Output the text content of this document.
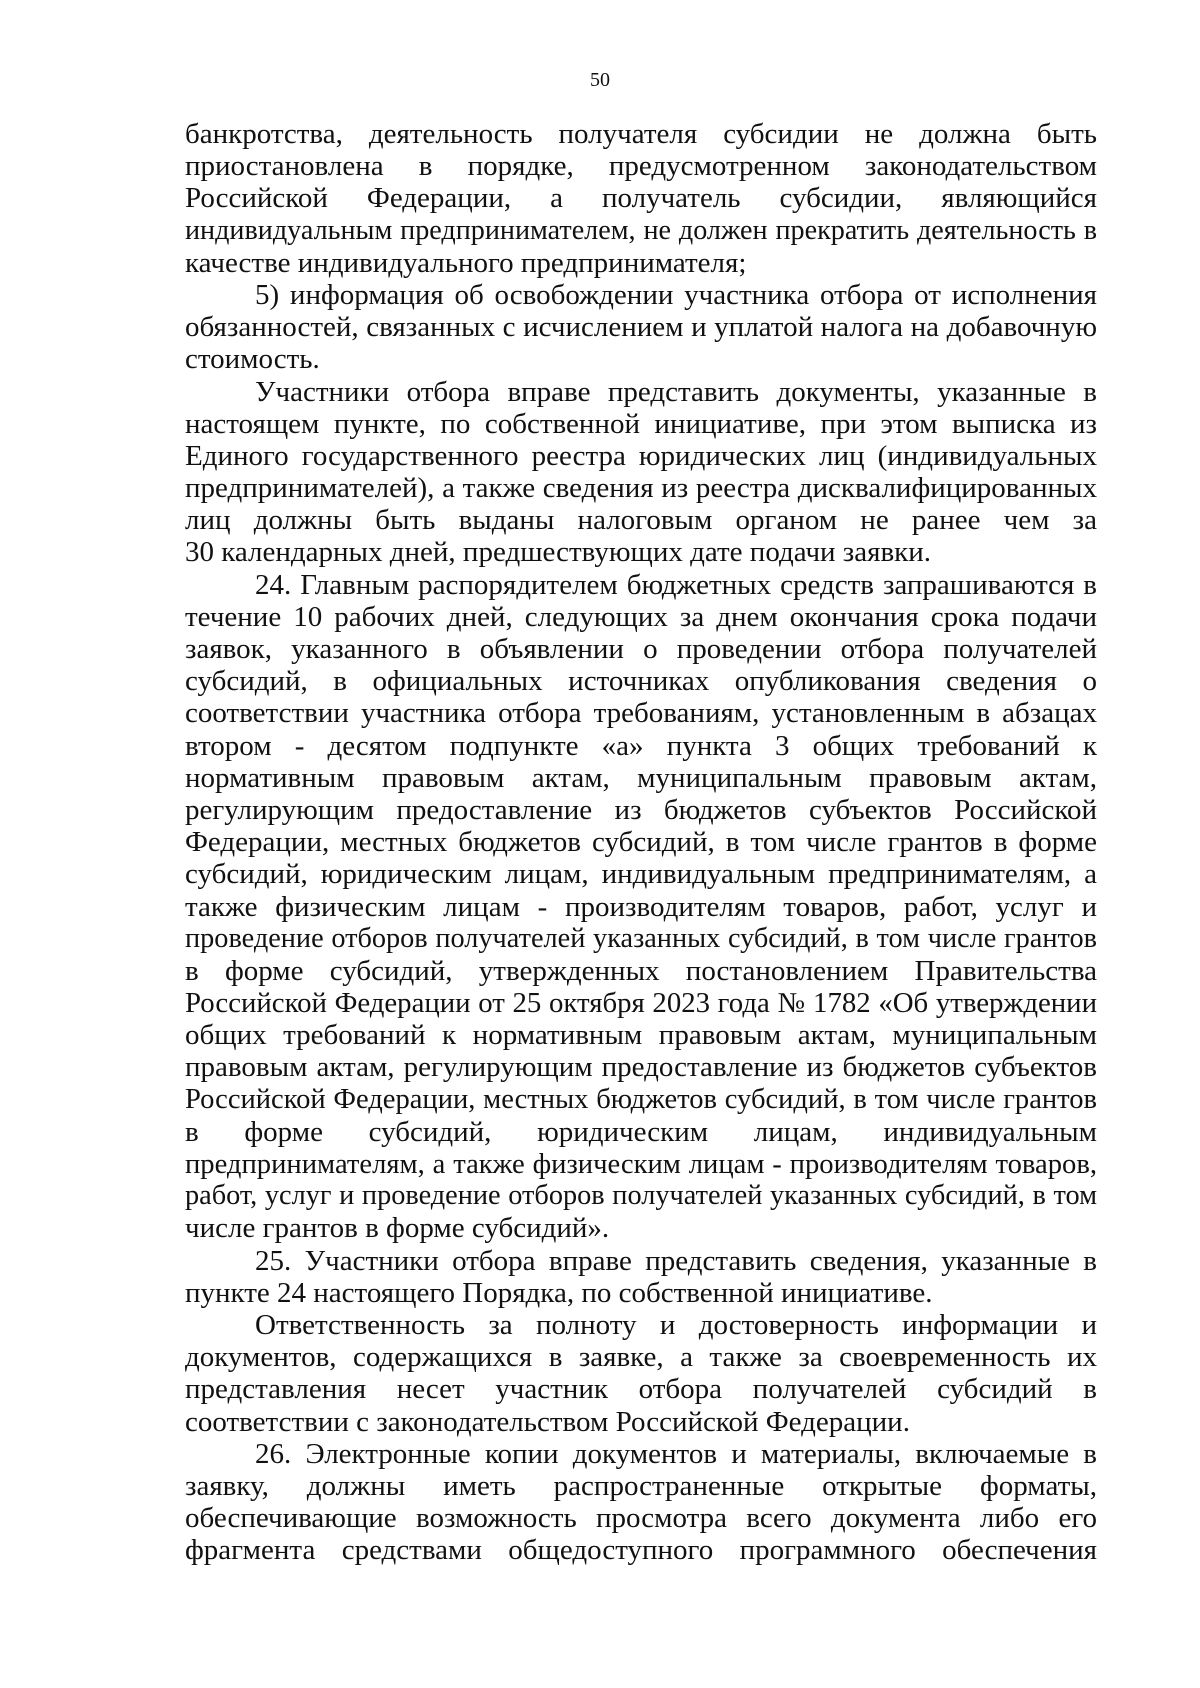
50
банкротства, деятельность получателя субсидии не должна быть
приостановлена в порядке, предусмотренном законодательством
Российской Федерации, а получатель субсидии, являющийся
индивидуальным предпринимателем, не должен прекратить деятельность в
качестве индивидуального предпринимателя;
5) информация об освобождении участника отбора от исполнения
обязанностей, связанных с исчислением и уплатой налога на добавочную
стоимость.
Участники отбора вправе представить документы, указанные в
настоящем пункте, по собственной инициативе, при этом выписка из
Единого государственного реестра юридических лиц (индивидуальных
предпринимателей), а также сведения из реестра дисквалифицированных
лиц должны быть выданы налоговым органом не ранее чем за
30 календарных дней, предшествующих дате подачи заявки.
24. Главным распорядителем бюджетных средств запрашиваются в
течение 10 рабочих дней, следующих за днем окончания срока подачи
заявок, указанного в объявлении о проведении отбора получателей
субсидий, в официальных источниках опубликования сведения о
соответствии участника отбора требованиям, установленным в абзацах
втором - десятом подпункте «а» пункта 3 общих требований к
нормативным правовым актам, муниципальным правовым актам,
регулирующим предоставление из бюджетов субъектов Российской
Федерации, местных бюджетов субсидий, в том числе грантов в форме
субсидий, юридическим лицам, индивидуальным предпринимателям, а
также физическим лицам - производителям товаров, работ, услуг и
проведение отборов получателей указанных субсидий, в том числе грантов
в форме субсидий, утвержденных постановлением Правительства
Российской Федерации от 25 октября 2023 года № 1782 «Об утверждении
общих требований к нормативным правовым актам, муниципальным
правовым актам, регулирующим предоставление из бюджетов субъектов
Российской Федерации, местных бюджетов субсидий, в том числе грантов
в форме субсидий, юридическим лицам, индивидуальным
предпринимателям, а также физическим лицам - производителям товаров,
работ, услуг и проведение отборов получателей указанных субсидий, в том
числе грантов в форме субсидий».
25. Участники отбора вправе представить сведения, указанные в
пункте 24 настоящего Порядка, по собственной инициативе.
Ответственность за полноту и достоверность информации и
документов, содержащихся в заявке, а также за своевременность их
представления несет участник отбора получателей субсидий в
соответствии с законодательством Российской Федерации.
26. Электронные копии документов и материалы, включаемые в
заявку, должны иметь распространенные открытые форматы,
обеспечивающие возможность просмотра всего документа либо его
фрагмента средствами общедоступного программного обеспечения
